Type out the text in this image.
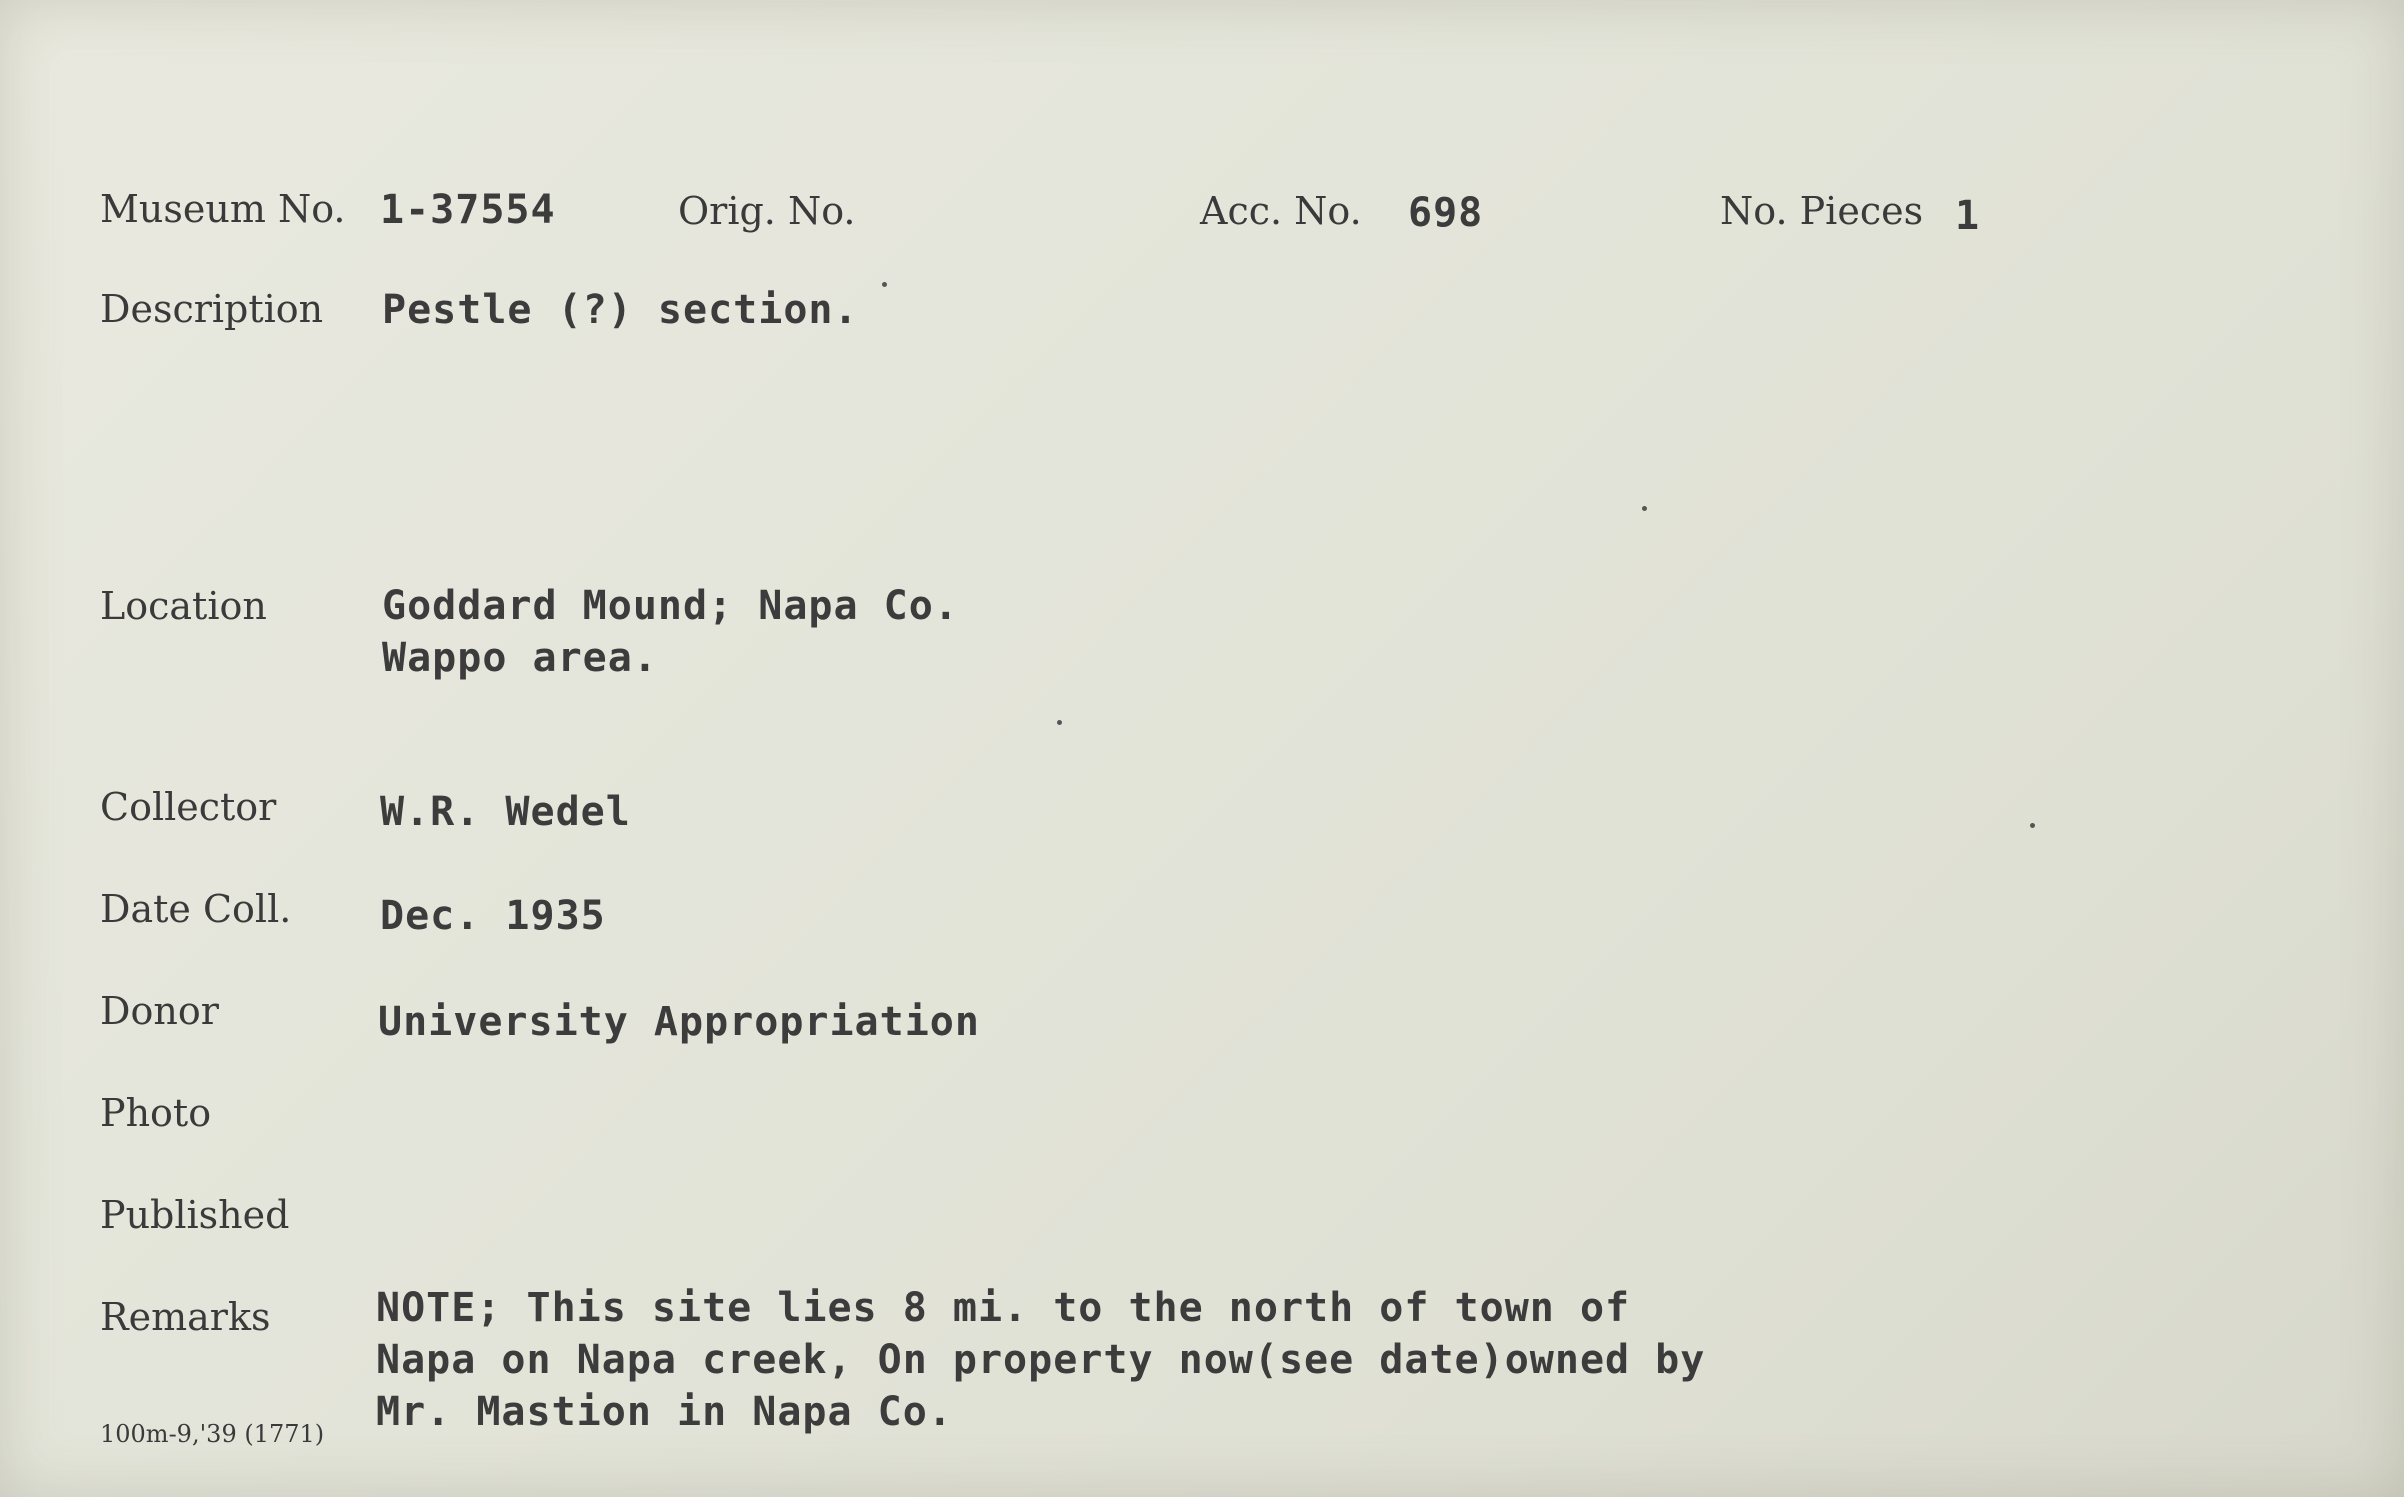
Museum No. 1-37554	Orig. No.	Acc. No. 698	No. Pieces 1
Description Pestle (?) section.
Location	Goddard Mound; Napa Co.
Wappo area.
Collector	W.R. Wedel
Date Coll. Dec. 1935
Donor	University Appropriation
Photo
Published
Remarks	NOTE; This site lies 8 mi. to the north of town of
Napa on Napa creek, On property now(see date)owned by
Mr. Mastion in Napa Co.
100m-9,'39 (1771)
